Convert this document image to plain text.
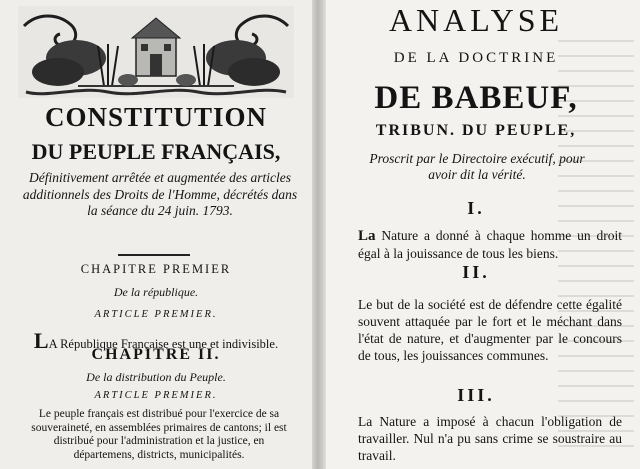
CONSTITUTION
DU PEUPLE FRANÇAIS,
Définitivement arrêtée et augmentée des articles additionnels des Droits de l'Homme, décrétés dans la séance du 24 juin. 1793.
CHAPITRE PREMIER
De la république.
ARTICLE PREMIER.
LA République Française est une et indivisible.
CHAPITRE II.
De la distribution du Peuple.
ARTICLE PREMIER.
Le peuple français est distribué pour l'exercice de sa souveraineté, en assemblées primaires de cantons; il est distribué pour l'administration et la justice, en départemens, districts, municipalités.
ANALYSE
DE LA DOCTRINE
DE BABEUF,
TRIBUN. DU PEUPLE,
Proscrit par le Directoire exécutif, pour avoir dit la vérité.
I.
La Nature a donné à chaque homme un droit égal à la jouissance de tous les biens.
II.
Le but de la société est de défendre cette égalité souvent attaquée par le fort et le méchant dans l'état de nature, et d'augmenter par le concours de tous, les jouissances communes.
III.
La Nature a imposé à chacun l'obligation de travailler. Nul n'a pu sans crime se soustraire au travail.
